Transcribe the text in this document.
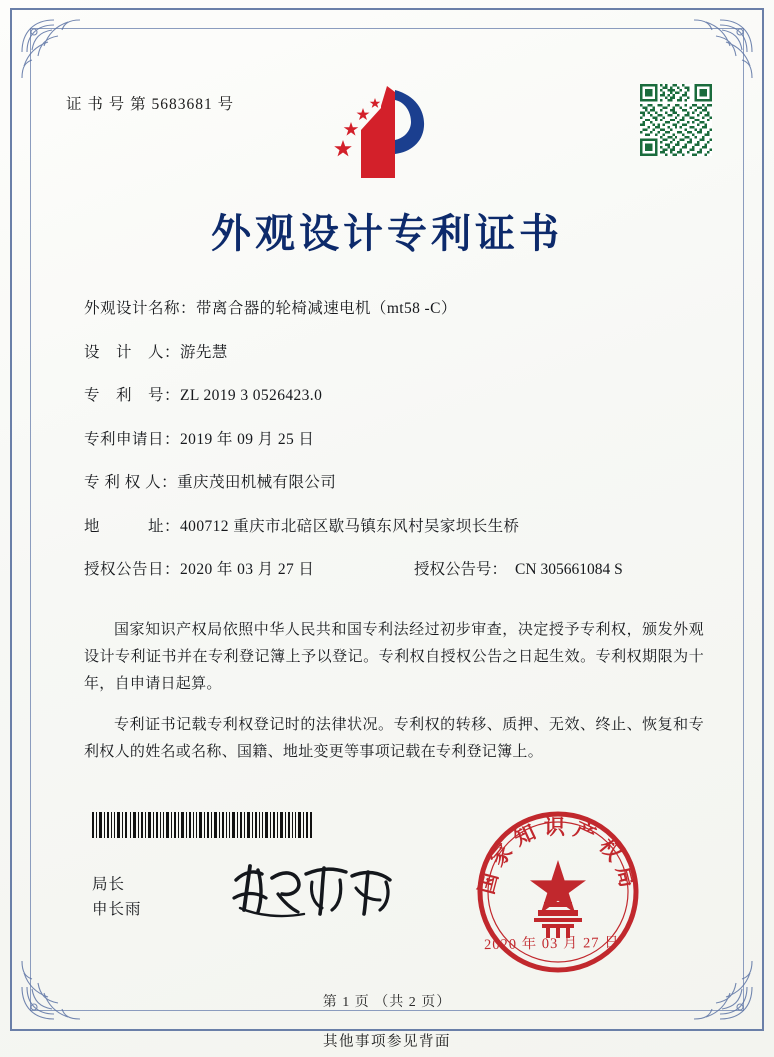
证 书 号 第 5683681 号
外观设计专利证书
外观设计名称： 带离合器的轮椅减速电机（mt58 -C）
设　计　人： 游先慧
专　利　号： ZL 2019 3 0526423.0
专利申请日： 2019 年 09 月 25 日
专 利 权 人： 重庆茂田机械有限公司
地　　　址： 400712 重庆市北碚区歇马镇东风村吴家坝长生桥
授权公告日： 2020 年 03 月 27 日	授权公告号： CN 305661084 S

国家知识产权局依照中华人民共和国专利法经过初步审查，决定授予专利权，颁发外观设计专利证书并在专利登记簿上予以登记。专利权自授权公告之日起生效。专利权期限为十年，自申请日起算。

专利证书记载专利权登记时的法律状况。专利权的转移、质押、无效、终止、恢复和专利权人的姓名或名称、国籍、地址变更等事项记载在专利登记簿上。

局长
申长雨
国家知识产权局
2020 年 03 月 27 日
第 1 页 （共 2 页）
其他事项参见背面
